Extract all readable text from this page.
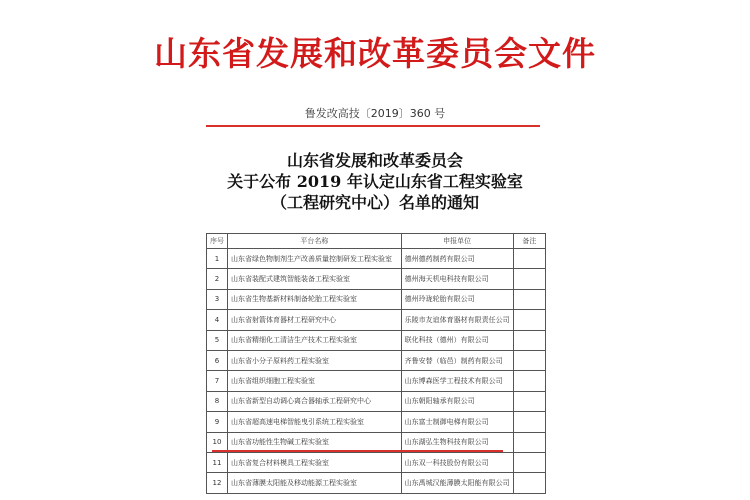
山东省发展和改革委员会文件
鲁发改高技〔2019〕360 号
山东省发展和改革委员会
关于公布 2019 年认定山东省工程实验室
（工程研究中心）名单的通知
序号	平台名称	申报单位	备注
1	山东省绿色物制剂生产改善质量控制研发工程实验室	德州德药制药有限公司	
2	山东省装配式建筑智能装备工程实验室	德州海天机电科技有限公司	
3	山东省生物基新材料制备轮胎工程实验室	德州玲珑轮胎有限公司	
4	山东省射箭体育器材工程研究中心	乐陵市友谊体育器材有限责任公司	
5	山东省精细化工清洁生产技术工程实验室	联化科技（德州）有限公司	
6	山东省小分子原料药工程实验室	齐鲁安替（临邑）制药有限公司	
7	山东省组织细胞工程实验室	山东博森医学工程技术有限公司	
8	山东省新型自动调心离合器轴承工程研究中心	山东朝阳轴承有限公司	
9	山东省超高速电梯智能曳引系统工程实验室	山东富士制御电梯有限公司	
10	山东省功能性生物碱工程实验室	山东湖弘生物科技有限公司	
11	山东省复合材料模具工程实验室	山东双一科技股份有限公司	
12	山东省薄膜太阳能及移动能源工程实验室	山东禹城汉能薄膜太阳能有限公司	
